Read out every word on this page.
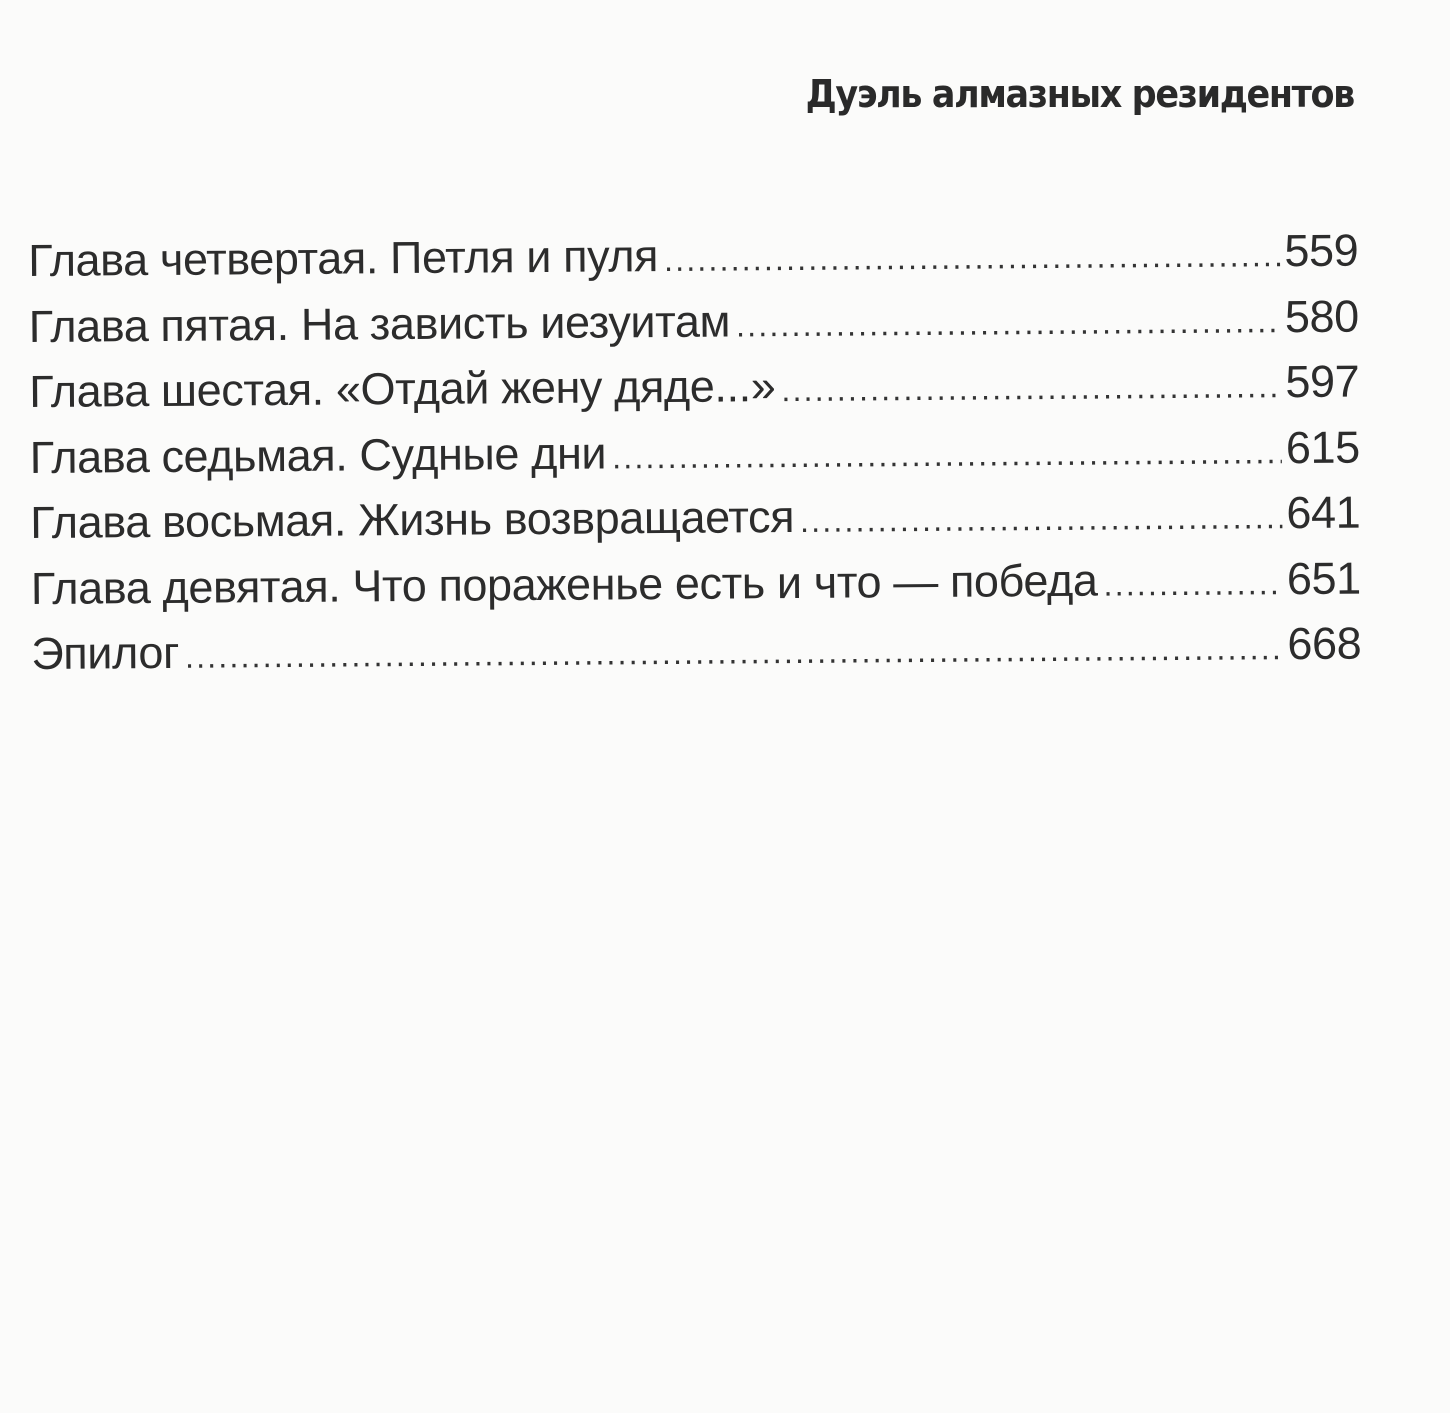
Дуэль алмазных резидентов
Глава четвертая. Петля и пуля .....	559
Глава пятая. На зависть иезуитам .....	580
Глава шестая. «Отдай жену дяде...» .....	597
Глава седьмая. Судные дни .....	615
Глава восьмая. Жизнь возвращается .....	641
Глава девятая. Что пораженье есть и что — победа .....	651
Эпилог .....	668
